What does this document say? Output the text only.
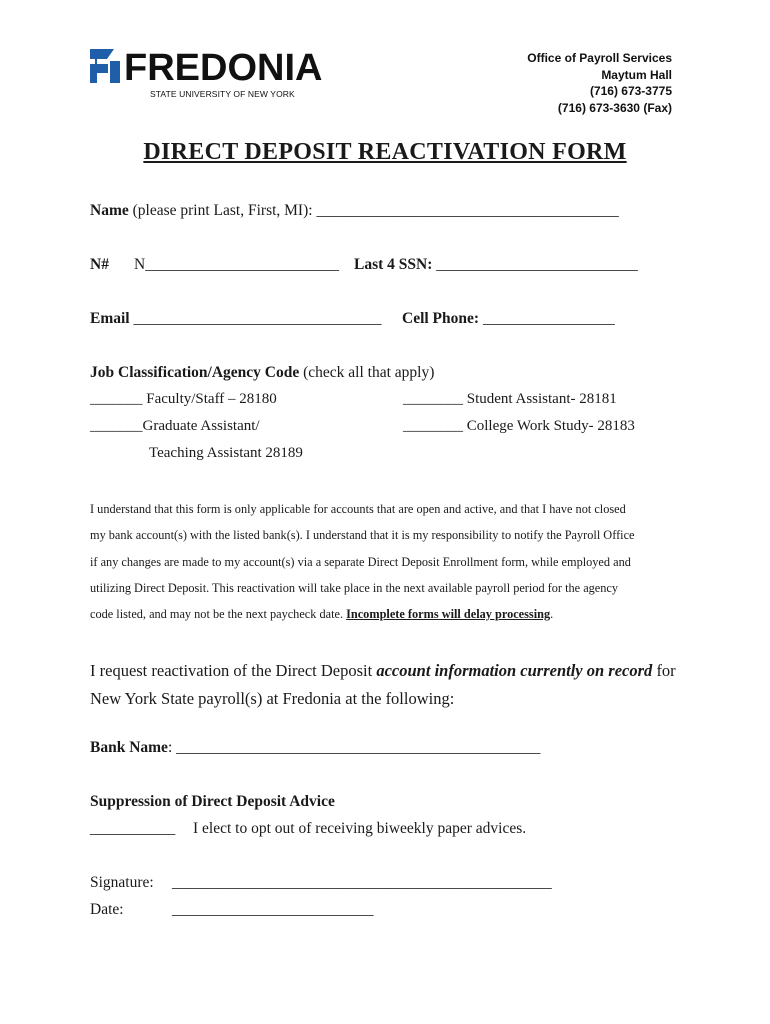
FREDONIA
STATE UNIVERSITY OF NEW YORK
Office of Payroll Services
Maytum Hall
(716) 673-3775
(716) 673-3630 (Fax)
DIRECT DEPOSIT REACTIVATION FORM
Name (please print Last, First, MI): _______________________________________
N# N_________________________ Last 4 SSN: __________________________
Email ________________________________ Cell Phone: _________________
Job Classification/Agency Code (check all that apply)
_______ Faculty/Staff – 28180	________ Student Assistant- 28181
_______Graduate Assistant/	________ College Work Study- 28183
Teaching Assistant 28189
I understand that this form is only applicable for accounts that are open and active, and that I have not closed
my bank account(s) with the listed bank(s). I understand that it is my responsibility to notify the Payroll Office
if any changes are made to my account(s) via a separate Direct Deposit Enrollment form, while employed and
utilizing Direct Deposit. This reactivation will take place in the next available payroll period for the agency
code listed, and may not be the next paycheck date. Incomplete forms will delay processing.
I request reactivation of the Direct Deposit account information currently on record for
New York State payroll(s) at Fredonia at the following:
Bank Name: _______________________________________________
Suppression of Direct Deposit Advice
___________ I elect to opt out of receiving biweekly paper advices.
Signature: _________________________________________________
Date:	__________________________
